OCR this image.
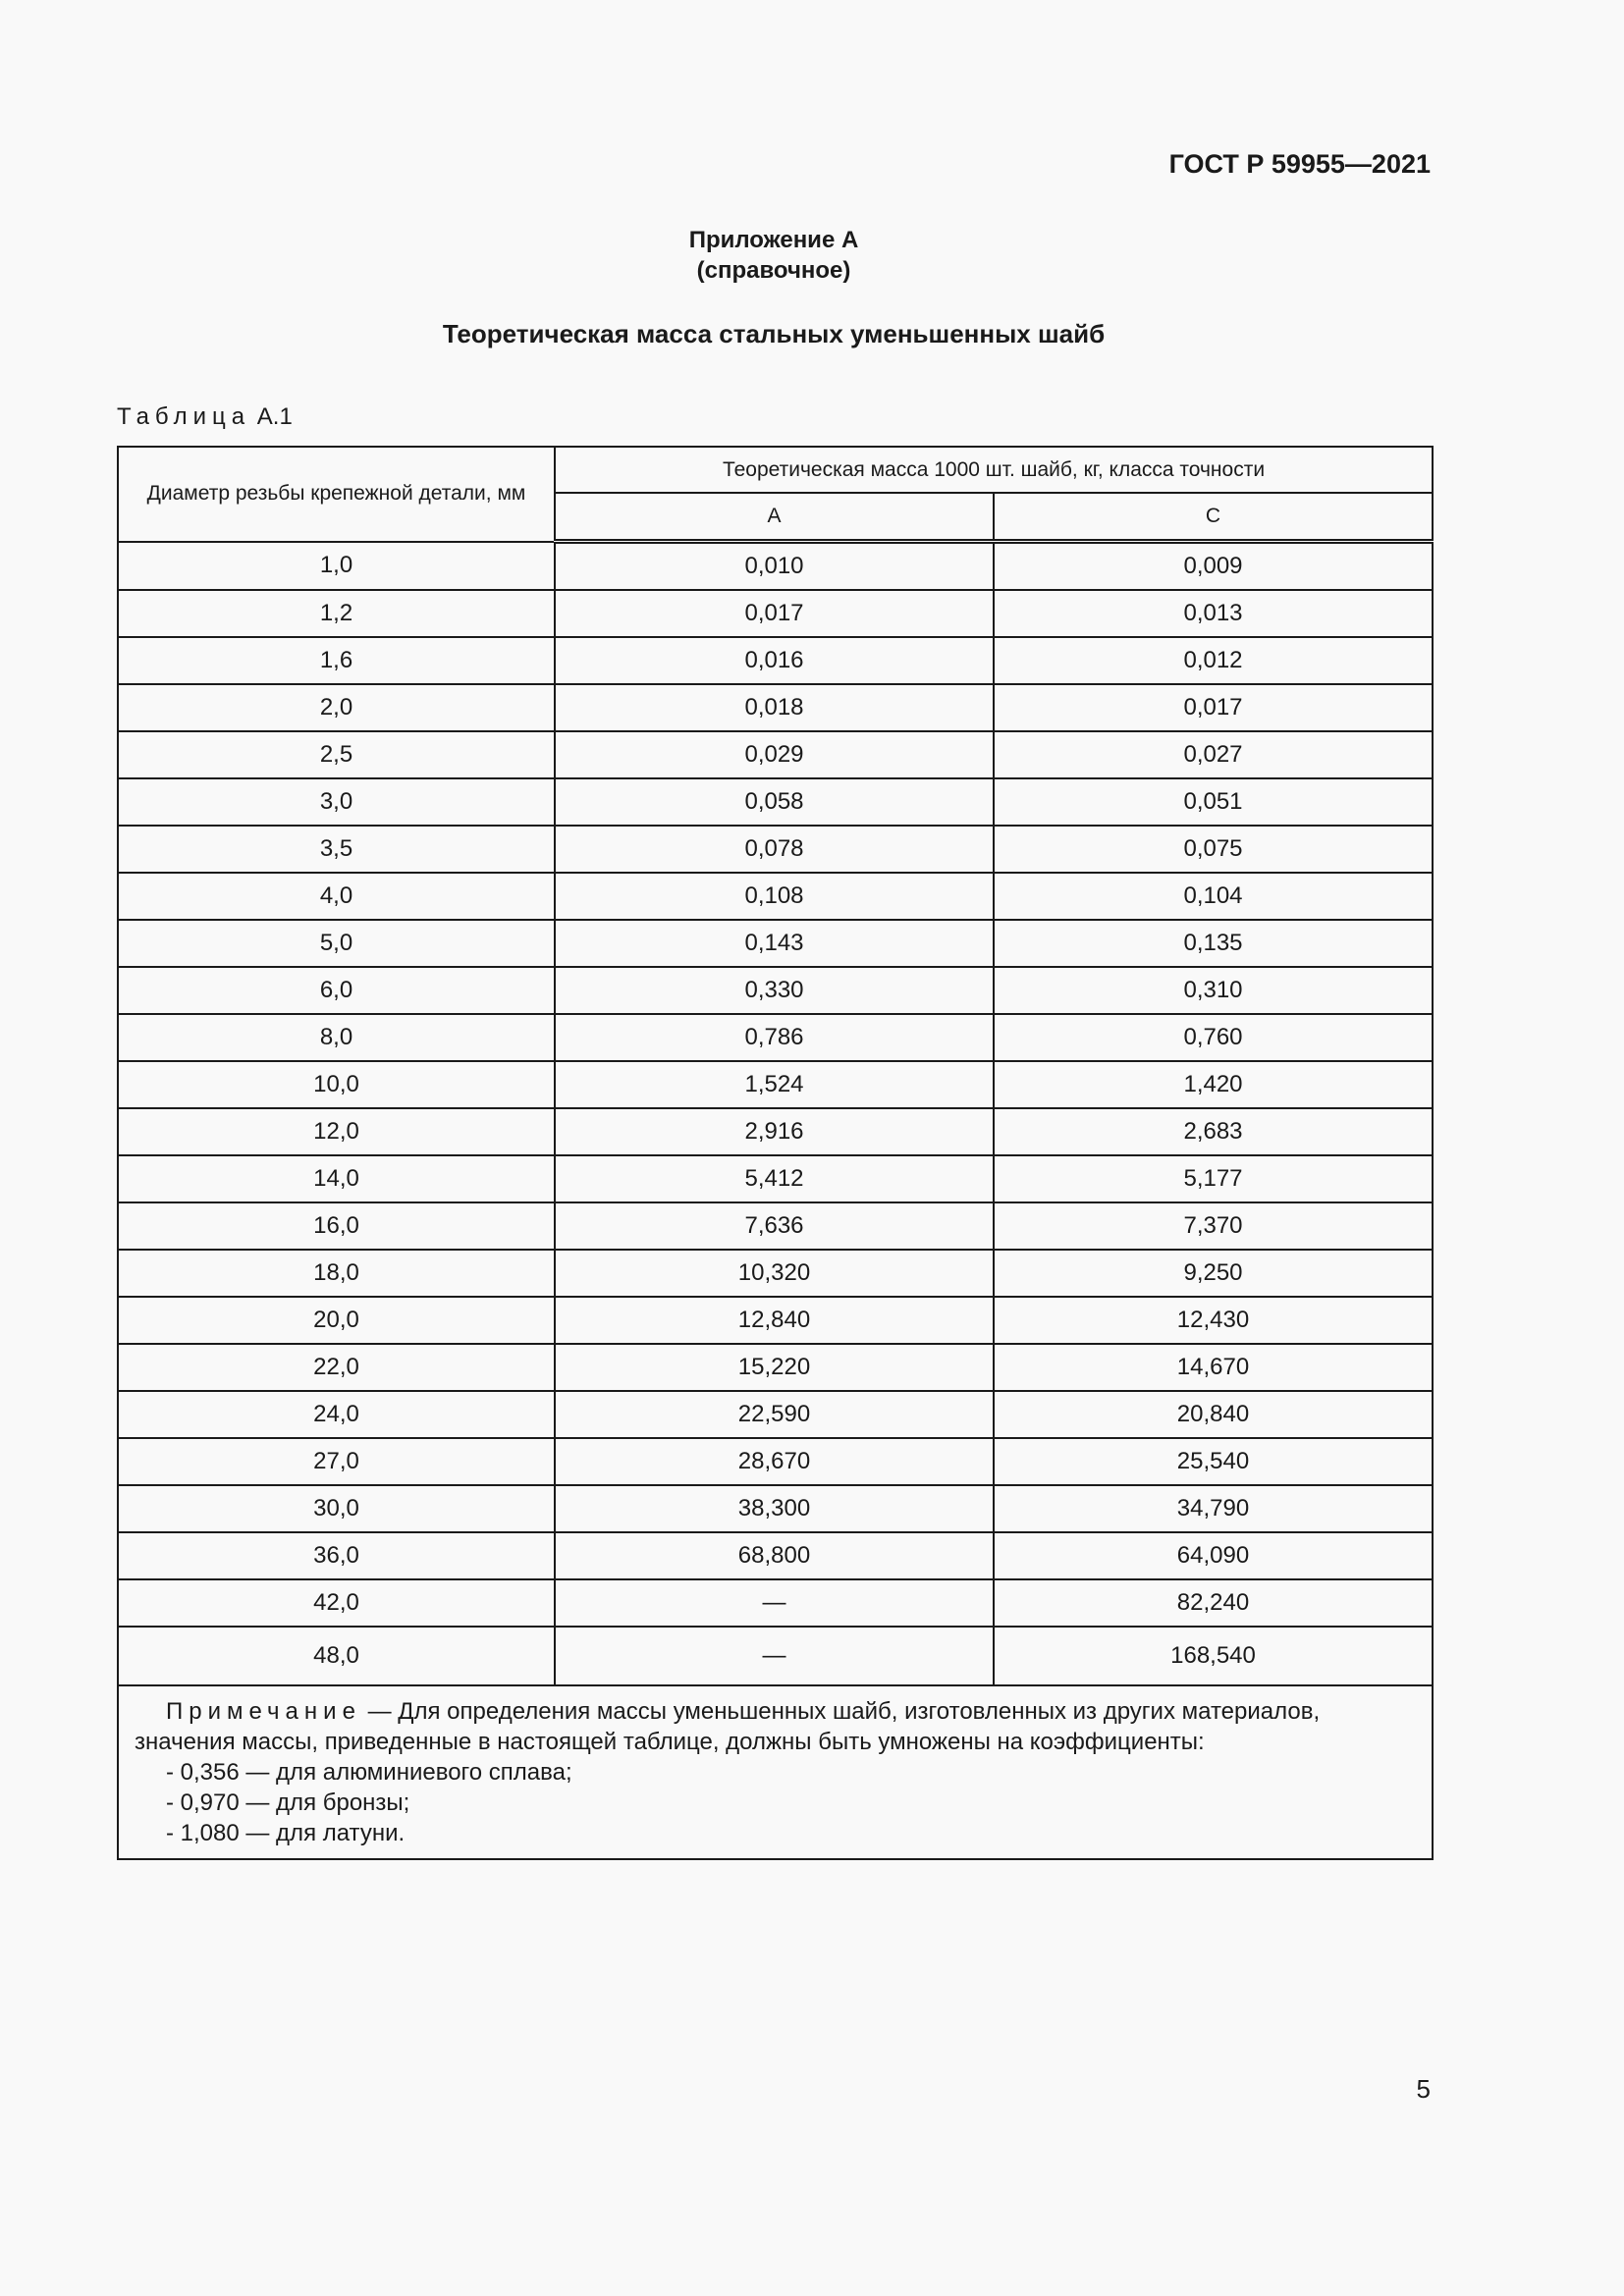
ГОСТ Р 59955—2021
Приложение А
(справочное)
Теоретическая масса стальных уменьшенных шайб
Таблица А.1
Диаметр резьбы крепежной детали, мм	Теоретическая масса 1000 шт. шайб, кг, класса точности	
	А	С
1,0	0,010	0,009
1,2	0,017	0,013
1,6	0,016	0,012
2,0	0,018	0,017
2,5	0,029	0,027
3,0	0,058	0,051
3,5	0,078	0,075
4,0	0,108	0,104
5,0	0,143	0,135
6,0	0,330	0,310
8,0	0,786	0,760
10,0	1,524	1,420
12,0	2,916	2,683
14,0	5,412	5,177
16,0	7,636	7,370
18,0	10,320	9,250
20,0	12,840	12,430
22,0	15,220	14,670
24,0	22,590	20,840
27,0	28,670	25,540
30,0	38,300	34,790
36,0	68,800	64,090
42,0	—	82,240
48,0	—	168,540

Примечание — Для определения массы уменьшенных шайб, изготовленных из других материалов, значения массы, приведенные в настоящей таблице, должны быть умножены на коэффициенты:

- 0,356 — для алюминиевого сплава;

- 0,970 — для бронзы;

- 1,080 — для латуни.		

5
